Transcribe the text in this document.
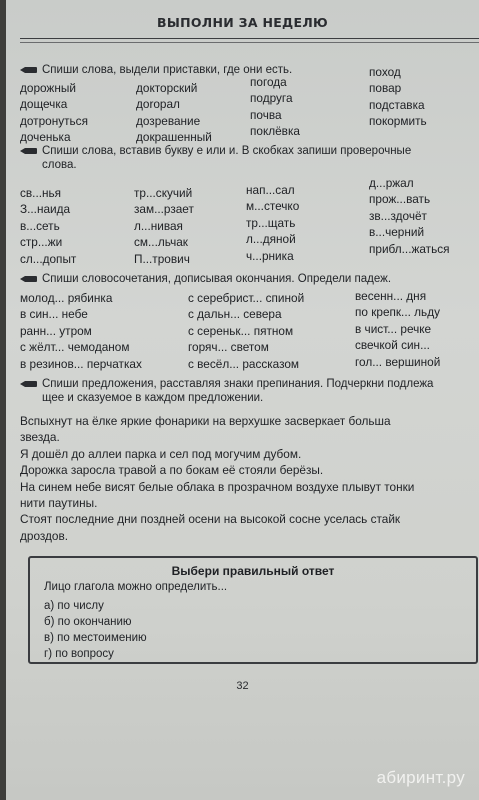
ВЫПОЛНИ ЗА НЕДЕЛЮ
Спиши слова, выдели приставки, где они есть.
дорожный
дощечка
дотронуться
доченька
докторский
доrорал
дозревание
докрашенный
погода
подруга
почва
поклёвка
поход
повар
подставка
покормить
Спиши слова, вставив букву е или и. В скобках запиши проверочные
слова.
св...нья
З...наида
в...сеть
стр...жи
сл...допыт
тр...скучий
зам...рзает
л...нивая
см...льчак
П...трович
нап...сал
м...стечко
тр...щать
л...дяной
ч...рника
д...ржал
прож...вать
зв...здочёт
в...черний
прибл...жаться
Спиши словосочетания, дописывая окончания. Определи падеж.
молод... рябинка
в син... небе
ранн... утром
с жёлт... чемоданом
в резинов... перчатках
с серебрист... спиной
с дальн... севера
с сереньк... пятном
горяч... светом
с весёл... рассказом
весенн... дня
по крепк... льду
в чист... речке
свечкой син...
гол... вершиной
Спиши предложения, расставляя знаки препинания. Подчеркни подлежа
щее и сказуемое в каждом предложении.
Вспыхнут на ёлке яркие фонарики на верхушке засверкает больша
звезда.
Я дошёл до аллеи парка и сел под могучим дубом.
Дорожка заросла травой а по бокам её стояли берёзы.
На синем небе висят белые облака в прозрачном воздухе плывут тонки
нити паутины.
Стоят последние дни поздней осени на высокой сосне уселась стайк
дроздов.
Выбери правильный ответ
Лицо глагола можно определить...
а) по числу
б) по окончанию
в) по местоимению
г) по вопросу
32
абиринт.ру
